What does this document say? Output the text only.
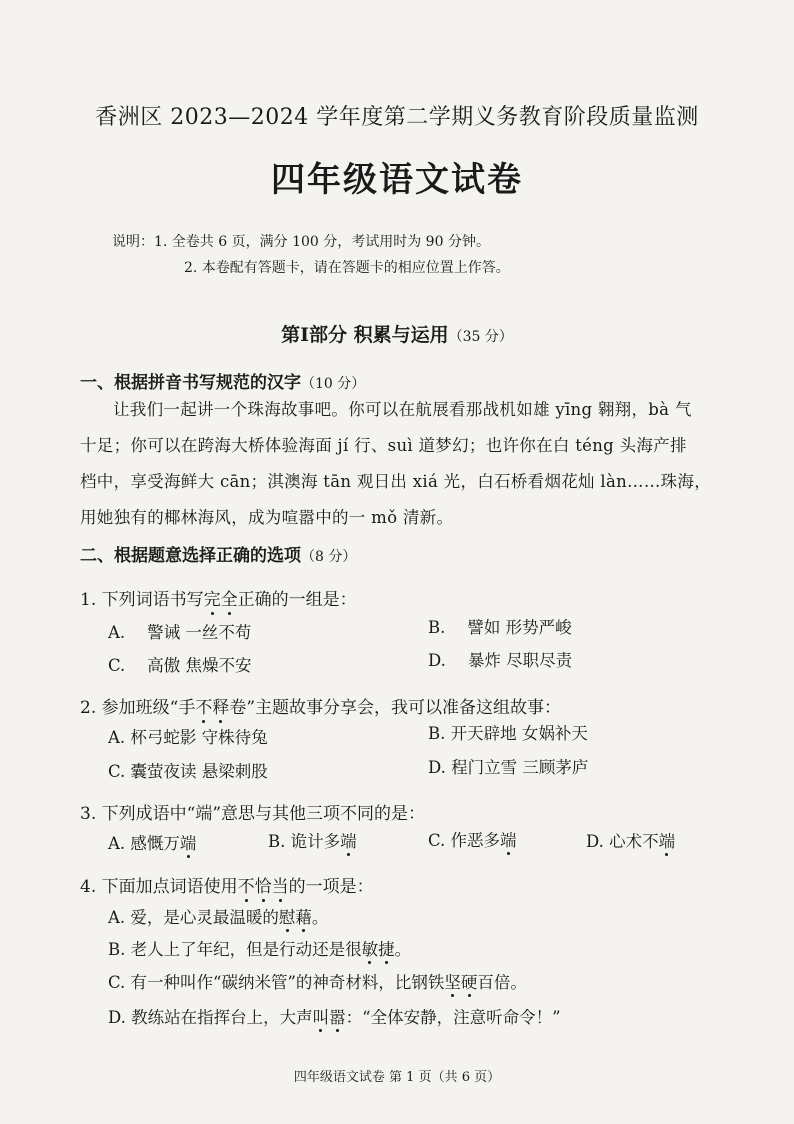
香洲区 2023—2024 学年度第二学期义务教育阶段质量监测
四年级语文试卷
说明：1. 全卷共 6 页，满分 100 分，考试用时为 90 分钟。
2. 本卷配有答题卡，请在答题卡的相应位置上作答。
第Ⅰ部分 积累与运用（35 分）
一、根据拼音书写规范的汉字（10 分）

让我们一起讲一个珠海故事吧。你可以在航展看那战机如雄 yīng 翱翔，bà 气

十足；你可以在跨海大桥体验海面 jí 行、suì 道梦幻；也许你在白 téng 头海产排

档中，享受海鲜大 cān；淇澳海 tān 观日出 xiá 光，白石桥看烟花灿 làn……珠海，

用她独有的椰林海风，成为喧嚣中的一 mǒ 清新。

二、根据题意选择正确的选项（8 分）
1. 下列词语书写完全正确的一组是：
A. 警诫 一丝不苟	B. 譬如 形势严峻
C. 高傲 焦燥不安	D. 暴炸 尽职尽责
2. 参加班级“手不释卷”主题故事分享会，我可以准备这组故事：
A. 杯弓蛇影 守株待兔	B. 开天辟地 女娲补天
C. 囊萤夜读 悬梁刺股	D. 程门立雪 三顾茅庐
3. 下列成语中“端”意思与其他三项不同的是：
A. 感慨万端	B. 诡计多端	C. 作恶多端	D. 心术不端
4. 下面加点词语使用不恰当的一项是：
A. 爱，是心灵最温暖的慰藉。
B. 老人上了年纪，但是行动还是很敏捷。
C. 有一种叫作“碳纳米管”的神奇材料，比钢铁坚硬百倍。
D. 教练站在指挥台上，大声叫嚣：“全体安静，注意听命令！”
四年级语文试卷 第 1 页（共 6 页）
